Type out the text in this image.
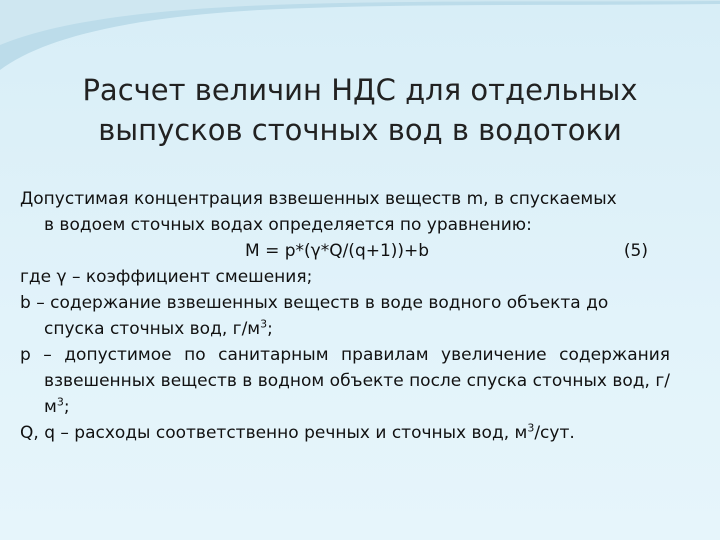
Расчет величин НДС для отдельных
выпусков сточных вод в водотоки

Допустимая концентрация взвешенных веществ m, в спускаемых

в водоем сточных водах определяется по уравнению:

M = p*(γ*Q/(q+1))+b	(5)

где γ – коэффициент смешения;

b – содержание взвешенных веществ в воде водного объекта до спуска сточных вод, $г/м^3$;

p – допустимое по санитарным правилам увеличение содержания взвешенных веществ в водном объекте после спуска сточных вод, $г/м^3$;

Q, q – расходы соответственно речных и сточных вод, $м^3$/сут.
